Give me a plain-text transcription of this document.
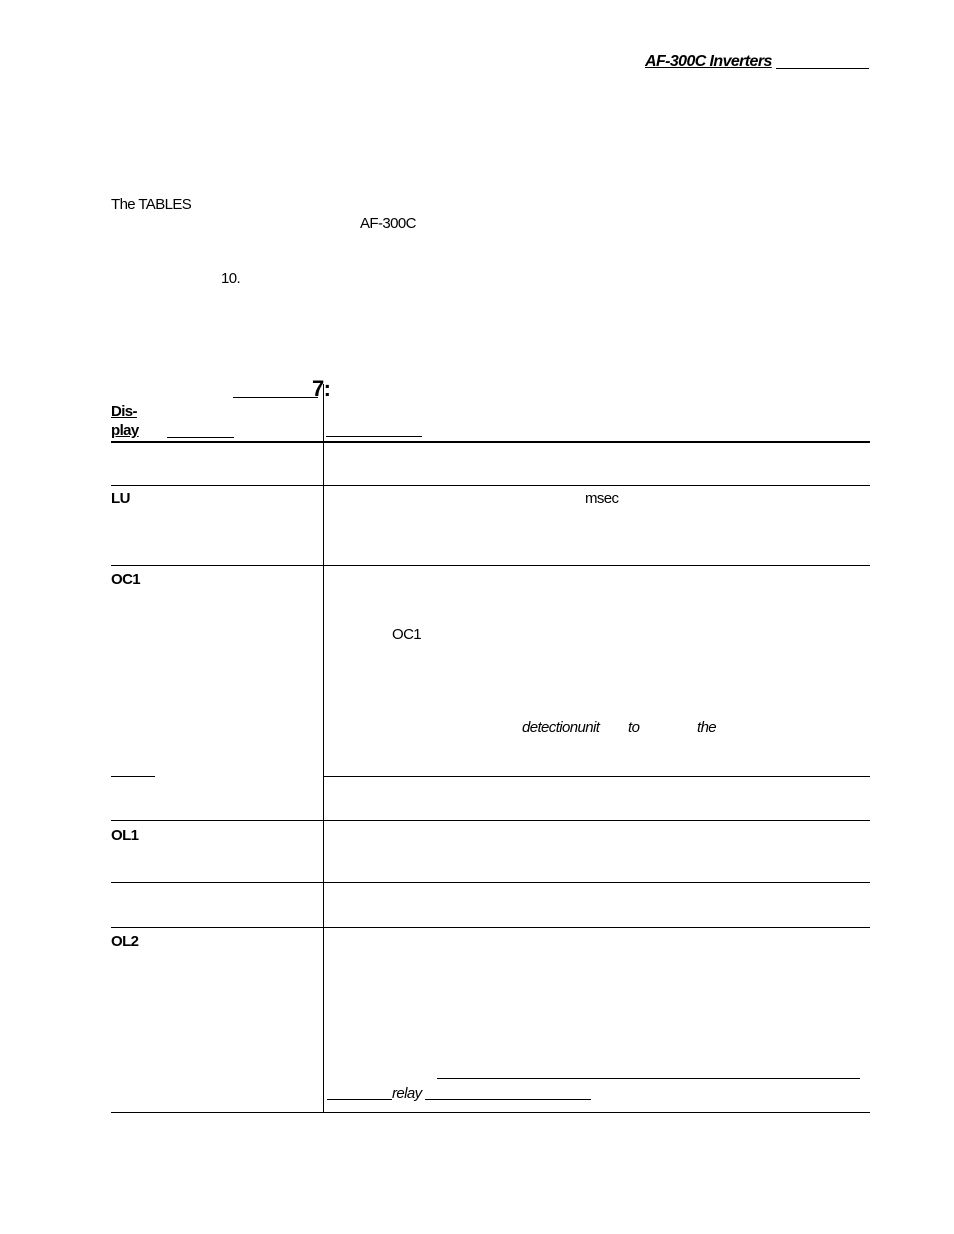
AF-300C Inverters
The TABLES
AF-300C
10.
7:
Dis-
play
LU	msec
OC1
OC1
detectionunit to	the
OL1
OL2
relay
